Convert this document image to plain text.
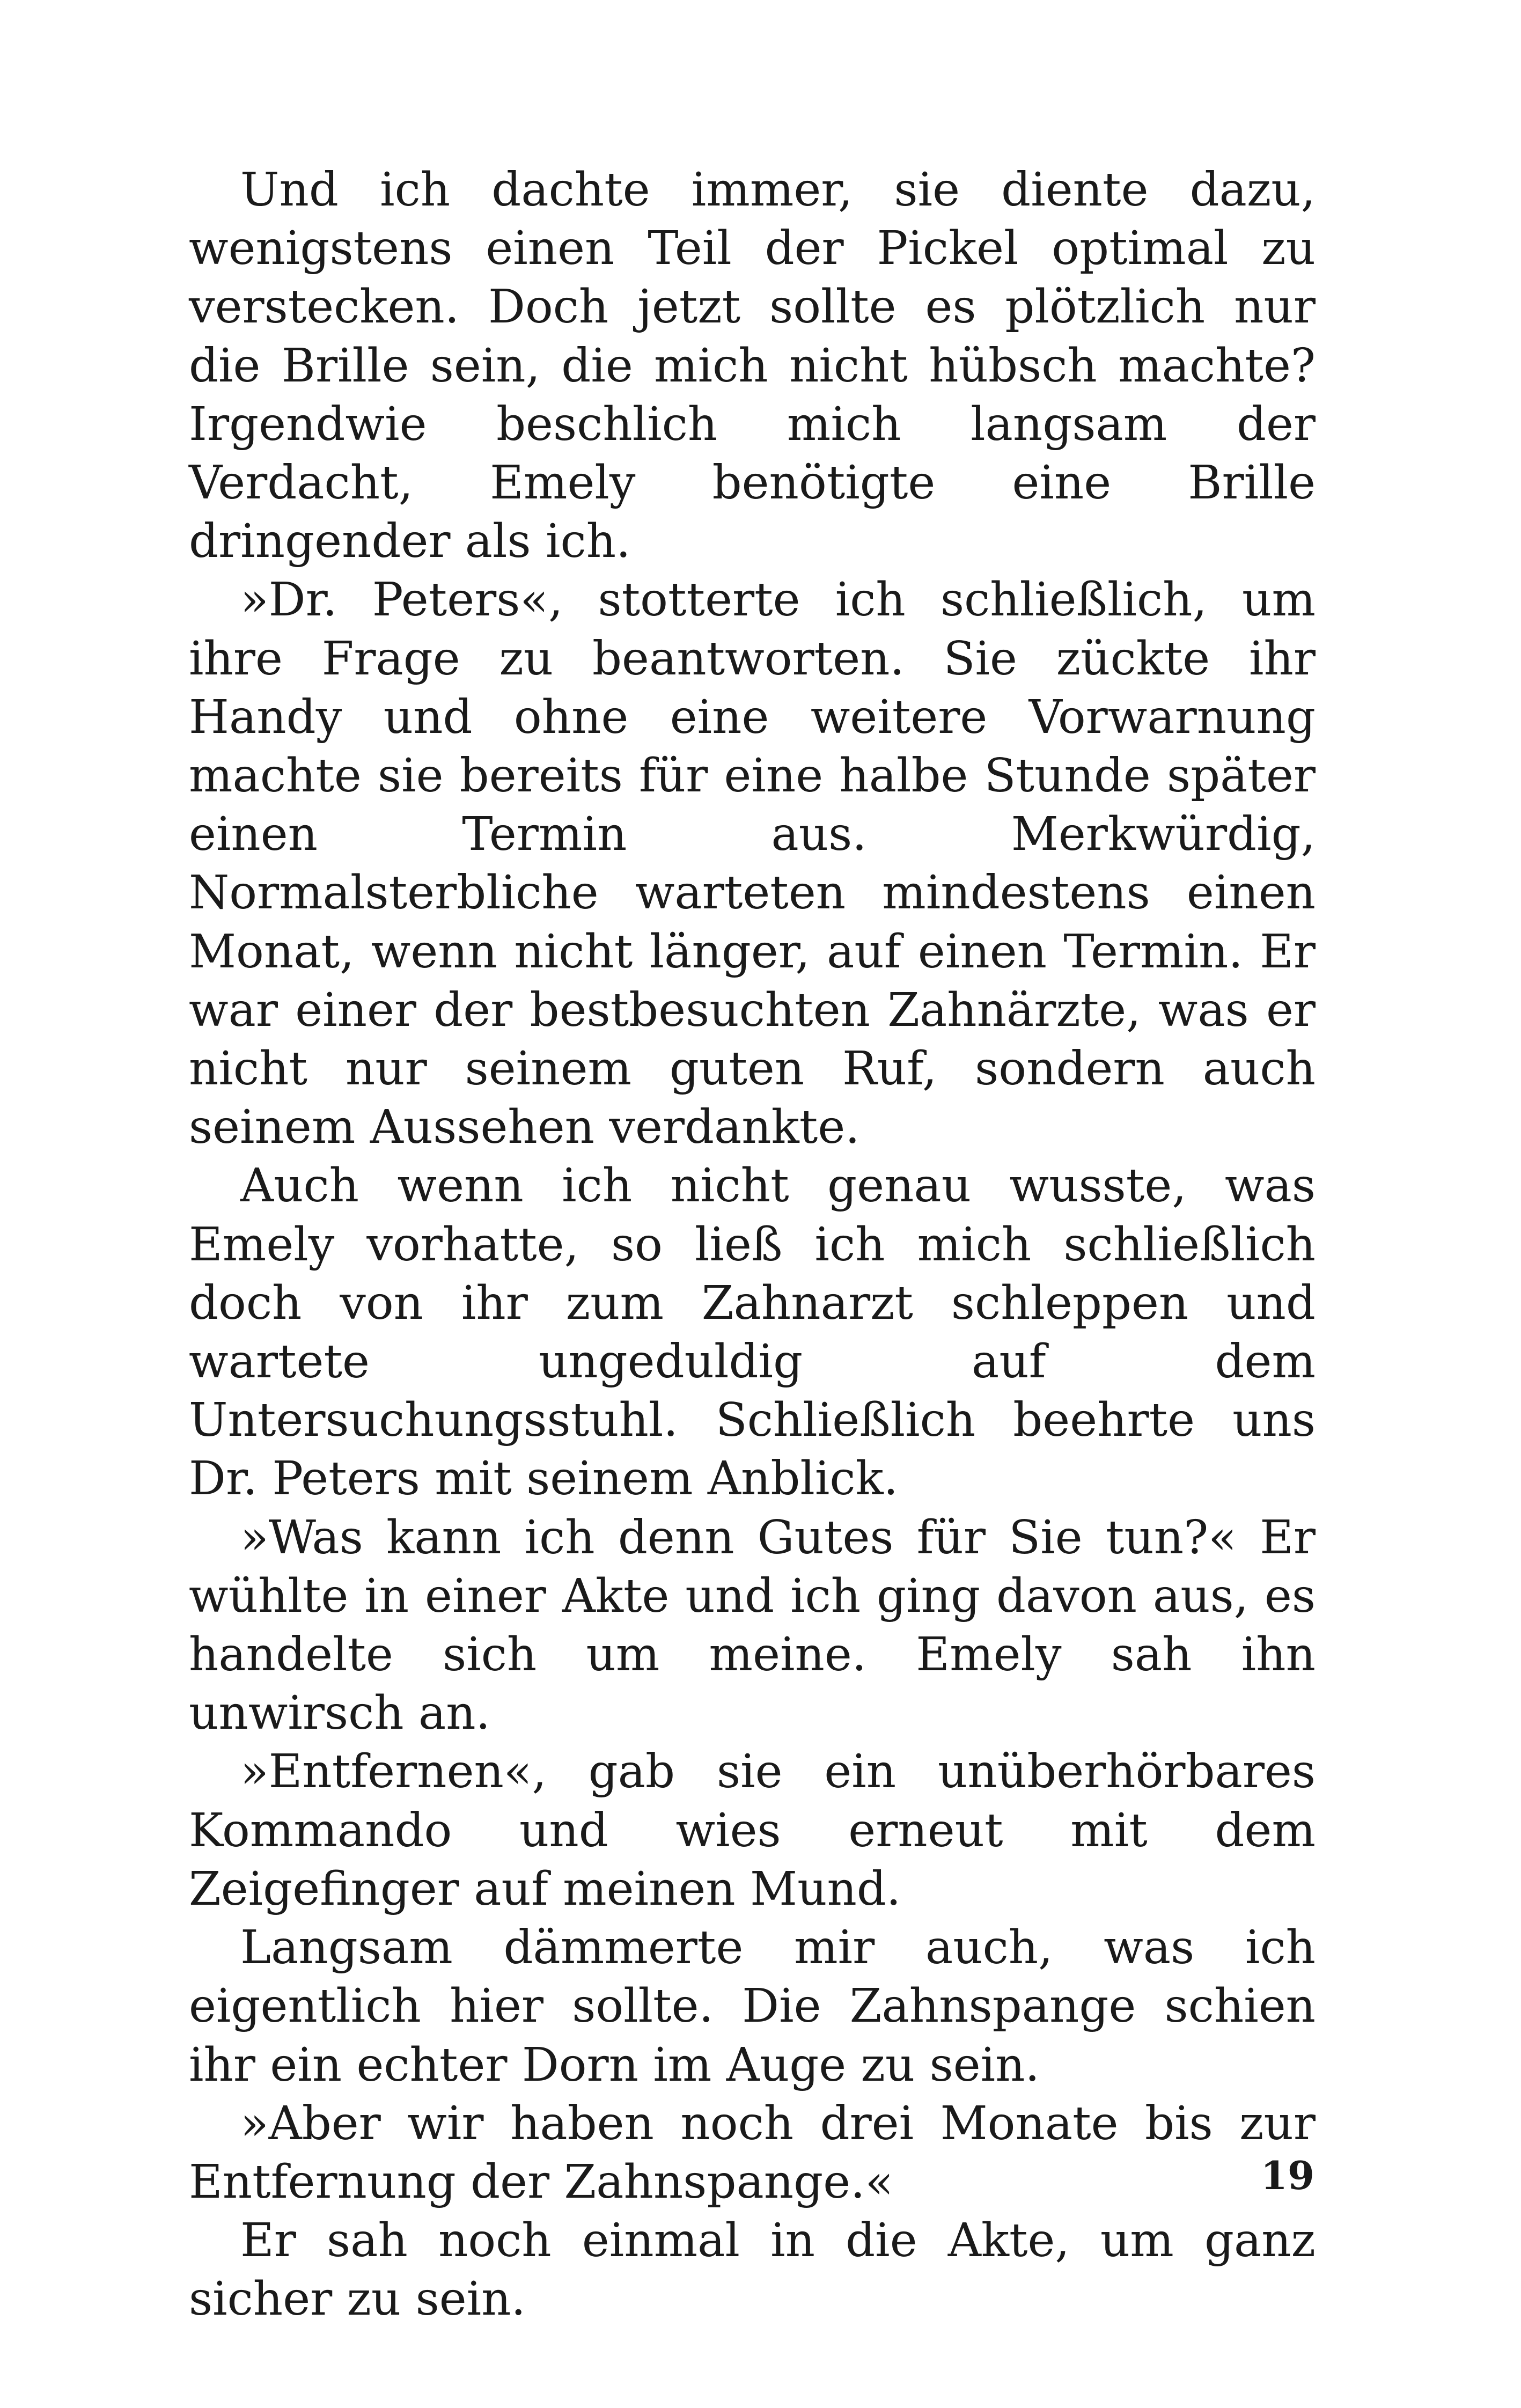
Und ich dachte immer, sie diente dazu, wenigstens einen Teil der Pickel optimal zu verstecken. Doch jetzt sollte es plötzlich nur die Brille sein, die mich nicht hübsch machte? Irgendwie beschlich mich langsam der Verdacht, Emely benötigte eine Brille dringender als ich.

»Dr. Peters«, stotterte ich schließlich, um ihre Frage zu beantworten. Sie zückte ihr Handy und ohne eine weitere Vorwarnung machte sie bereits für eine halbe Stunde später einen Termin aus. Merkwürdig, Normalsterbliche warteten mindestens einen Monat, wenn nicht länger, auf einen Termin. Er war einer der bestbesuchten Zahnärzte, was er nicht nur seinem guten Ruf, sondern auch seinem Aussehen verdankte.

Auch wenn ich nicht genau wusste, was Emely vorhatte, so ließ ich mich schließlich doch von ihr zum Zahnarzt schleppen und wartete ungeduldig auf dem Untersuchungsstuhl. Schließlich beehrte uns Dr. Peters mit seinem Anblick.

»Was kann ich denn Gutes für Sie tun?« Er wühlte in einer Akte und ich ging davon aus, es handelte sich um meine. Emely sah ihn unwirsch an.

»Entfernen«, gab sie ein unüberhörbares Kommando und wies erneut mit dem Zeigefinger auf meinen Mund.

Langsam dämmerte mir auch, was ich eigentlich hier sollte. Die Zahnspange schien ihr ein echter Dorn im Auge zu sein.

»Aber wir haben noch drei Monate bis zur Entfernung der Zahnspange.«

Er sah noch einmal in die Akte, um ganz sicher zu sein.

19
